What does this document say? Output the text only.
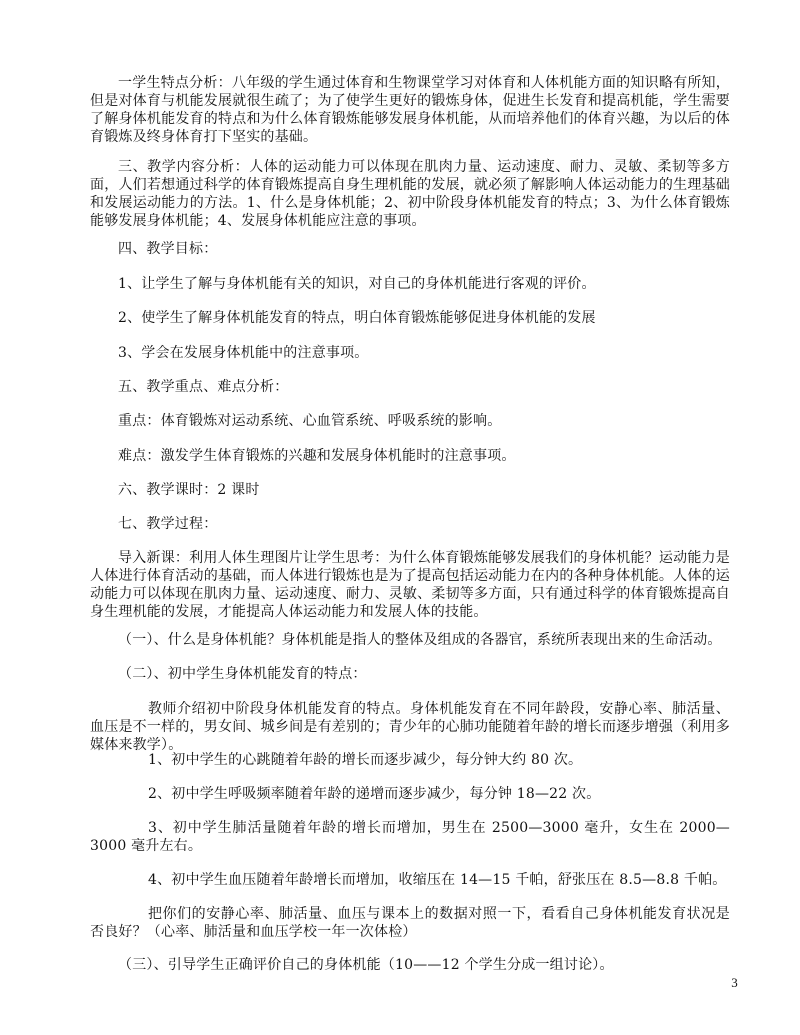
一学生特点分析：八年级的学生通过体育和生物课堂学习对体育和人体机能方面的知识略有所知，但是对体育与机能发展就很生疏了；为了使学生更好的锻炼身体，促进生长发育和提高机能，学生需要了解身体机能发育的特点和为什么体育锻炼能够发展身体机能，从而培养他们的体育兴趣，为以后的体育锻炼及终身体育打下坚实的基础。

三、教学内容分析：人体的运动能力可以体现在肌肉力量、运动速度、耐力、灵敏、柔韧等多方面，人们若想通过科学的体育锻炼提高自身生理机能的发展，就必须了解影响人体运动能力的生理基础和发展运动能力的方法。1、什么是身体机能；2、初中阶段身体机能发育的特点；3、为什么体育锻炼能够发展身体机能；4、发展身体机能应注意的事项。

四、教学目标：

1、让学生了解与身体机能有关的知识，对自己的身体机能进行客观的评价。

2、使学生了解身体机能发育的特点，明白体育锻炼能够促进身体机能的发展

3、学会在发展身体机能中的注意事项。

五、教学重点、难点分析：

重点：体育锻炼对运动系统、心血管系统、呼吸系统的影响。

难点：激发学生体育锻炼的兴趣和发展身体机能时的注意事项。

六、教学课时：2 课时

七、教学过程：

导入新课：利用人体生理图片让学生思考：为什么体育锻炼能够发展我们的身体机能？运动能力是人体进行体育活动的基础，而人体进行锻炼也是为了提高包括运动能力在内的各种身体机能。人体的运动能力可以体现在肌肉力量、运动速度、耐力、灵敏、柔韧等多方面，只有通过科学的体育锻炼提高自身生理机能的发展，才能提高人体运动能力和发展人体的技能。

（一）、什么是身体机能？身体机能是指人的整体及组成的各器官，系统所表现出来的生命活动。

（二）、初中学生身体机能发育的特点：

教师介绍初中阶段身体机能发育的特点。身体机能发育在不同年龄段，安静心率、肺活量、血压是不一样的，男女间、城乡间是有差别的；青少年的心肺功能随着年龄的增长而逐步增强（利用多媒体来教学）。

1、初中学生的心跳随着年龄的增长而逐步减少，每分钟大约 80 次。

2、初中学生呼吸频率随着年龄的递增而逐步减少，每分钟 18—22 次。

3、初中学生肺活量随着年龄的增长而增加，男生在 2500—3000 毫升，女生在 2000—3000 毫升左右。

4、初中学生血压随着年龄增长而增加，收缩压在 14—15 千帕，舒张压在 8.5—8.8 千帕。

把你们的安静心率、肺活量、血压与课本上的数据对照一下，看看自己身体机能发育状况是否良好？（心率、肺活量和血压学校一年一次体检）

（三）、引导学生正确评价自己的身体机能（10——12 个学生分成一组讨论）。

3
